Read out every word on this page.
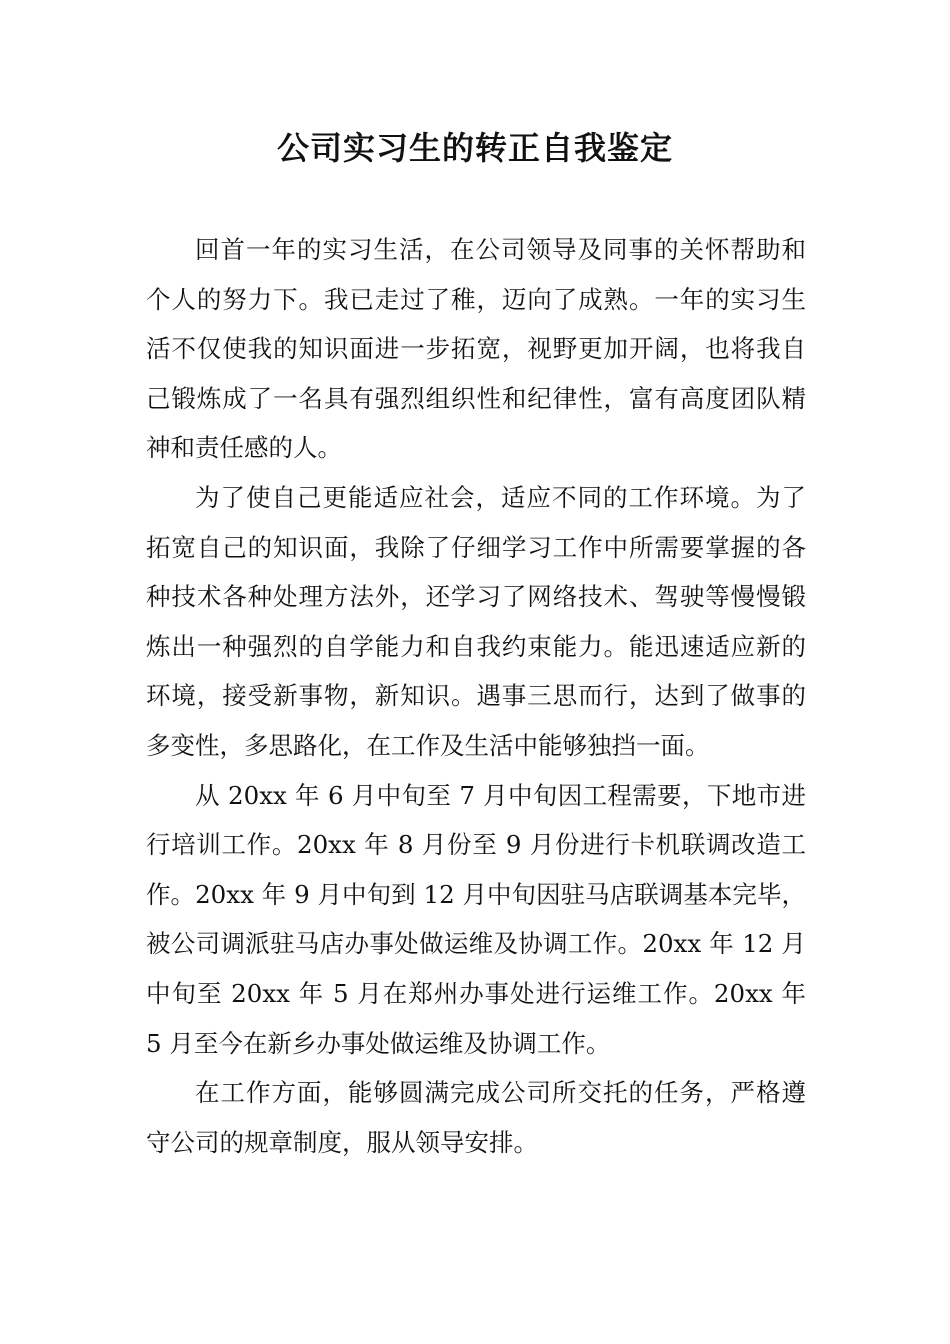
公司实习生的转正自我鉴定

回首一年的实习生活，在公司领导及同事的关怀帮助和个人的努力下。我已走过了稚，迈向了成熟。一年的实习生活不仅使我的知识面进一步拓宽，视野更加开阔，也将我自己锻炼成了一名具有强烈组织性和纪律性，富有高度团队精神和责任感的人。

为了使自己更能适应社会，适应不同的工作环境。为了拓宽自己的知识面，我除了仔细学习工作中所需要掌握的各种技术各种处理方法外，还学习了网络技术、驾驶等慢慢锻炼出一种强烈的自学能力和自我约束能力。能迅速适应新的环境，接受新事物，新知识。遇事三思而行，达到了做事的多变性，多思路化，在工作及生活中能够独挡一面。

从 20xx 年 6 月中旬至 7 月中旬因工程需要，下地市进行培训工作。20xx 年 8 月份至 9 月份进行卡机联调改造工作。20xx 年 9 月中旬到 12 月中旬因驻马店联调基本完毕，被公司调派驻马店办事处做运维及协调工作。20xx 年 12 月中旬至 20xx 年 5 月在郑州办事处进行运维工作。20xx 年 5 月至今在新乡办事处做运维及协调工作。

在工作方面，能够圆满完成公司所交托的任务，严格遵守公司的规章制度，服从领导安排。
